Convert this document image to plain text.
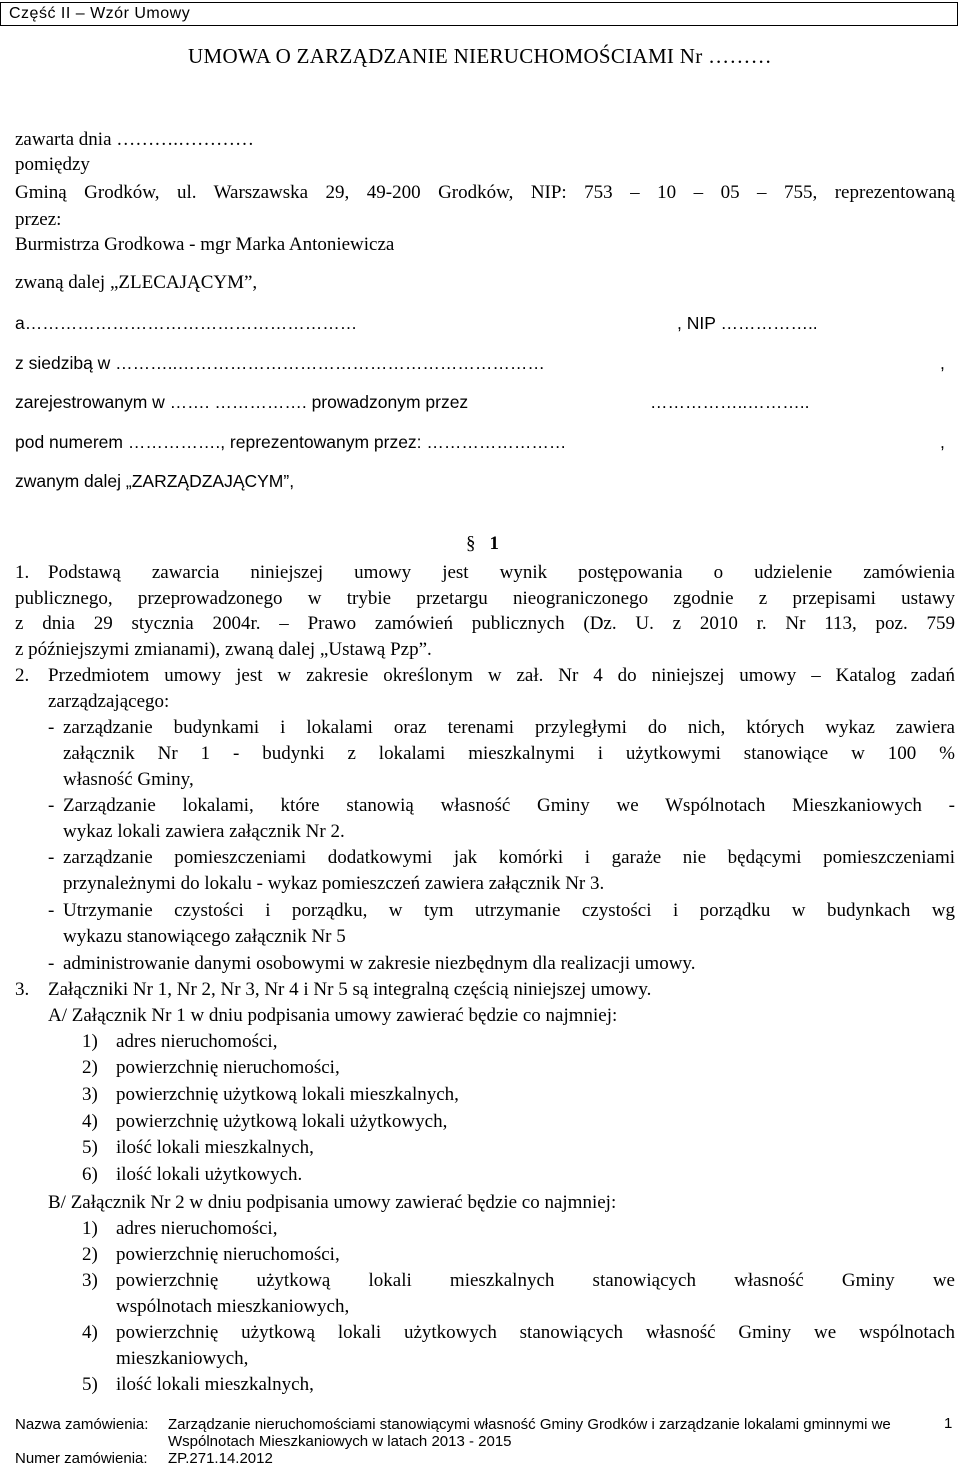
Część II – Wzór Umowy
UMOWA O ZARZĄDZANIE NIERUCHOMOŚCIAMI Nr ………
zawarta dnia ……….…………
pomiędzy
Gminą Grodków, ul. Warszawska 29, 49-200 Grodków, NIP: 753 – 10 – 05 – 755, reprezentowaną
przez:
Burmistrza Grodkowa - mgr Marka Antoniewicza
zwaną dalej „ZLECAJĄCYM”,
a…………………………………………………	, NIP ……………..
z siedzibą w ………..………………………………………………………	,
zarejestrowanym w ……. ……………. prowadzonym przez	……………..………..
pod numerem ……………., reprezentowanym przez: ……………………	,
zwanym dalej „ZARZĄDZAJĄCYM”,
§ 1
1. Podstawą zawarcia niniejszej umowy jest wynik postępowania o udzielenie zamówienia
publicznego, przeprowadzonego w trybie przetargu nieograniczonego zgodnie z przepisami ustawy
z dnia 29 stycznia 2004r. – Prawo zamówień publicznych (Dz. U. z 2010 r. Nr 113, poz. 759
z późniejszymi zmianami), zwaną dalej „Ustawą Pzp”.
2. Przedmiotem umowy jest w zakresie określonym w zał. Nr 4 do niniejszej umowy – Katalog zadań
zarządzającego:
- zarządzanie budynkami i lokalami oraz terenami przyległymi do nich, których wykaz zawiera
załącznik Nr 1 - budynki z lokalami mieszkalnymi i użytkowymi stanowiące w 100 %
własność Gminy,
- Zarządzanie lokalami, które stanowią własność Gminy we Wspólnotach Mieszkaniowych -
wykaz lokali zawiera załącznik Nr 2.
- zarządzanie pomieszczeniami dodatkowymi jak komórki i garaże nie będącymi pomieszczeniami
przynależnymi do lokalu - wykaz pomieszczeń zawiera załącznik Nr 3.
- Utrzymanie czystości i porządku, w tym utrzymanie czystości i porządku w budynkach wg
wykazu stanowiącego załącznik Nr 5
- administrowanie danymi osobowymi w zakresie niezbędnym dla realizacji umowy.
3. Załączniki Nr 1, Nr 2, Nr 3, Nr 4 i Nr 5 są integralną częścią niniejszej umowy.
A/ Załącznik Nr 1 w dniu podpisania umowy zawierać będzie co najmniej:
1) adres nieruchomości,
2) powierzchnię nieruchomości,
3) powierzchnię użytkową lokali mieszkalnych,
4) powierzchnię użytkową lokali użytkowych,
5) ilość lokali mieszkalnych,
6) ilość lokali użytkowych.
B/ Załącznik Nr 2 w dniu podpisania umowy zawierać będzie co najmniej:
1) adres nieruchomości,
2) powierzchnię nieruchomości,
3) powierzchnię użytkową lokali mieszkalnych stanowiących własność Gminy we
wspólnotach mieszkaniowych,
4) powierzchnię użytkową lokali użytkowych stanowiących własność Gminy we wspólnotach
mieszkaniowych,
5) ilość lokali mieszkalnych,
Nazwa zamówienia: Zarządzanie nieruchomościami stanowiącymi własność Gminy Grodków i zarządzanie lokalami gminnymi we
Wspólnotach Mieszkaniowych w latach 2013 - 2015
Numer zamówienia: ZP.271.14.2012
1
